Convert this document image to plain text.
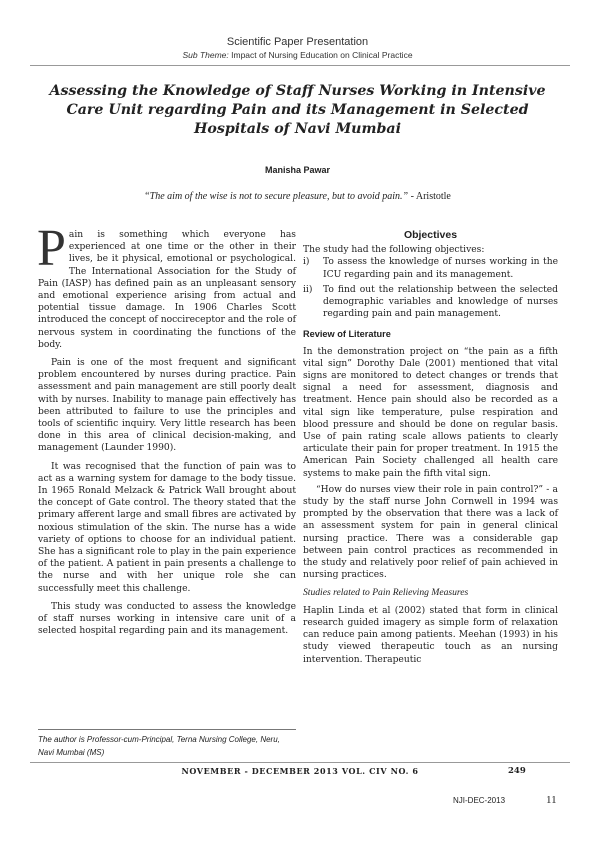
Scientific Paper Presentation
Sub Theme: Impact of Nursing Education on Clinical Practice
Assessing the Knowledge of Staff Nurses Working in Intensive Care Unit regarding Pain and its Management in Selected Hospitals of Navi Mumbai
Manisha Pawar
“The aim of the wise is not to secure pleasure, but to avoid pain.” - Aristotle

Pain is something which everyone has experienced at one time or the other in their lives, be it physical, emotional or psychological. The International Association for the Study of Pain (IASP) has defined pain as an unpleasant sensory and emotional experience arising from actual and potential tissue damage. In 1906 Charles Scott introduced the concept of noccireceptor and the role of nervous system in coordinating the functions of the body.

Pain is one of the most frequent and significant problem encountered by nurses during practice. Pain assessment and pain management are still poorly dealt with by nurses. Inability to manage pain effectively has been attributed to failure to use the principles and tools of scientific inquiry. Very little research has been done in this area of clinical decision-making, and management (Launder 1990).

It was recognised that the function of pain was to act as a warning system for damage to the body tissue. In 1965 Ronald Melzack & Patrick Wall brought about the concept of Gate control. The theory stated that the primary afferent large and small fibres are activated by noxious stimulation of the skin. The nurse has a wide variety of options to choose for an individual patient. She has a significant role to play in the pain experience of the patient. A patient in pain presents a challenge to the nurse and with her unique role she can successfully meet this challenge.

This study was conducted to assess the knowledge of staff nurses working in intensive care unit of a selected hospital regarding pain and its management.

The author is Professor-cum-Principal, Terna Nursing College, Neru, Navi Mumbai (MS)
Objectives

The study had the following objectives:

i) To assess the knowledge of nurses working in the ICU regarding pain and its management.
ii) To find out the relationship between the selected demographic variables and knowledge of nurses regarding pain and pain management.
Review of Literature

In the demonstration project on “the pain as a fifth vital sign” Dorothy Dale (2001) mentioned that vital signs are monitored to detect changes or trends that signal a need for assessment, diagnosis and treatment. Hence pain should also be recorded as a vital sign like temperature, pulse respiration and blood pressure and should be done on regular basis. Use of pain rating scale allows patients to clearly articulate their pain for proper treatment. In 1915 the American Pain Society challenged all health care systems to make pain the fifth vital sign.

“How do nurses view their role in pain control?” - a study by the staff nurse John Cornwell in 1994 was prompted by the observation that there was a lack of an assessment system for pain in general clinical nursing practice. There was a considerable gap between pain control practices as recommended in the study and relatively poor relief of pain achieved in nursing practices.

Studies related to Pain Relieving Measures

Haplin Linda et al (2002) stated that form in clinical research guided imagery as simple form of relaxation can reduce pain among patients. Meehan (1993) in his study viewed therapeutic touch as an nursing intervention. Therapeutic

NOVEMBER - DECEMBER 2013 VOL. CIV NO. 6	249
NJI-DEC-2013	11
